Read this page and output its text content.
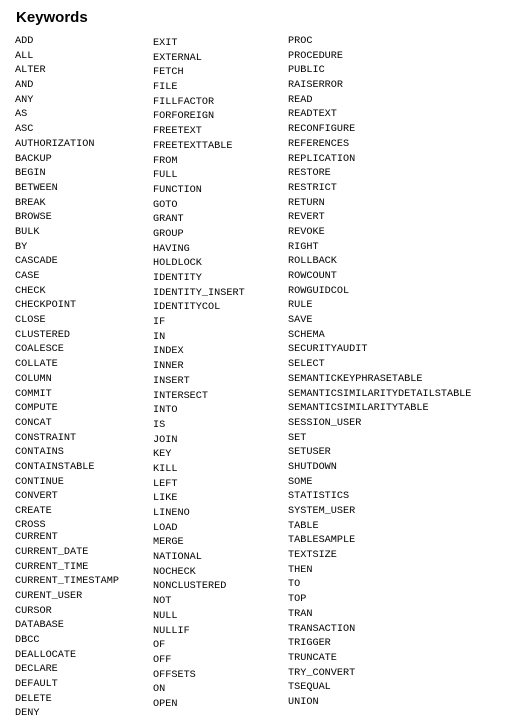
Keywords
ADD
ALL
ALTER
AND
ANY
AS
ASC
AUTHORIZATION
BACKUP
BEGIN
BETWEEN
BREAK
BROWSE
BULK
BY
CASCADE
CASE
CHECK
CHECKPOINT
CLOSE
CLUSTERED
COALESCE
COLLATE
COLUMN
COMMIT
COMPUTE
CONCAT
CONSTRAINT
CONTAINS
CONTAINSTABLE
CONTINUE
CONVERT
CREATE
CROSS
CURRENT
CURRENT_DATE
CURRENT_TIME
CURRENT_TIMESTAMP
CURENT_USER
CURSOR
DATABASE
DBCC
DEALLOCATE
DECLARE
DEFAULT
DELETE
DENY
EXIT
EXTERNAL
FETCH
FILE
FILLFACTOR
FORFOREIGN
FREETEXT
FREETEXTTABLE
FROM
FULL
FUNCTION
GOTO
GRANT
GROUP
HAVING
HOLDLOCK
IDENTITY
IDENTITY_INSERT
IDENTITYCOL
IF
IN
INDEX
INNER
INSERT
INTERSECT
INTO
IS
JOIN
KEY
KILL
LEFT
LIKE
LINENO
LOAD
MERGE
NATIONAL
NOCHECK
NONCLUSTERED
NOT
NULL
NULLIF
OF
OFF
OFFSETS
ON
OPEN
PROC
PROCEDURE
PUBLIC
RAISERROR
READ
READTEXT
RECONFIGURE
REFERENCES
REPLICATION
RESTORE
RESTRICT
RETURN
REVERT
REVOKE
RIGHT
ROLLBACK
ROWCOUNT
ROWGUIDCOL
RULE
SAVE
SCHEMA
SECURITYAUDIT
SELECT
SEMANTICKEYPHRASETABLE
SEMANTICSIMILARITYDETAILSTABLE
SEMANTICSIMILARITYTABLE
SESSION_USER
SET
SETUSER
SHUTDOWN
SOME
STATISTICS
SYSTEM_USER
TABLE
TABLESAMPLE
TEXTSIZE
THEN
TO
TOP
TRAN
TRANSACTION
TRIGGER
TRUNCATE
TRY_CONVERT
TSEQUAL
UNION
